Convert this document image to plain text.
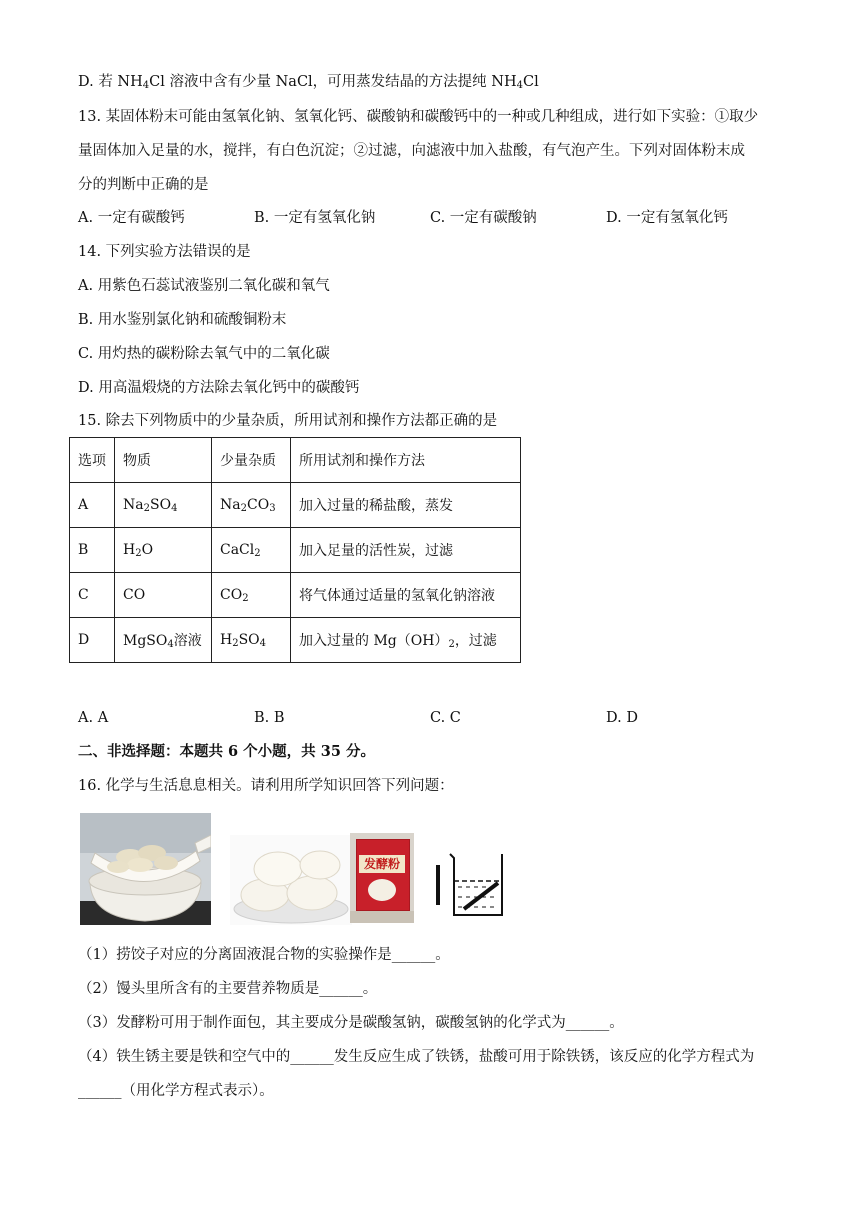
D. 若 $NH_4Cl$ 溶液中含有少量 NaCl，可用蒸发结晶的方法提纯 $NH_4Cl$
13. 某固体粉末可能由氢氧化钠、氢氧化钙、碳酸钠和碳酸钙中的一种或几种组成，进行如下实验：①取少
量固体加入足量的水，搅拌，有白色沉淀；②过滤，向滤液中加入盐酸，有气泡产生。下列对固体粉末成
分的判断中正确的是
A. 一定有碳酸钙	B. 一定有氢氧化钠	C. 一定有碳酸钠	D. 一定有氢氧化钙
14. 下列实验方法错误的是
A. 用紫色石蕊试液鉴别二氧化碳和氧气
B. 用水鉴别氯化钠和硫酸铜粉末
C. 用灼热的碳粉除去氧气中的二氧化碳
D. 用高温煅烧的方法除去氧化钙中的碳酸钙
15. 除去下列物质中的少量杂质，所用试剂和操作方法都正确的是
选项	物质	少量杂质	所用试剂和操作方法
A	$Na_2SO_4$	$Na_2CO_3$	加入过量的稀盐酸，蒸发
B	$H_2O$	CaCl$_2$	加入足量的活性炭，过滤
C	CO	$CO_2$	将气体通过适量的氢氧化钠溶液
D	MgSO$_4$溶液	$H_2SO_4$	加入过量的 $Mg(OH)_2$，过滤
A. A	B. B	C. C	D. D
二、非选择题：本题共 6 个小题，共 35 分。
16. 化学与生活息息相关。请利用所学知识回答下列问题：
发酵粉
（1）捞饺子对应的分离固液混合物的实验操作是______。
（2）馒头里所含有的主要营养物质是______。
（3）发酵粉可用于制作面包，其主要成分是碳酸氢钠，碳酸氢钠的化学式为______。
（4）铁生锈主要是铁和空气中的______发生反应生成了铁锈，盐酸可用于除铁锈，该反应的化学方程式为
______（用化学方程式表示）。
